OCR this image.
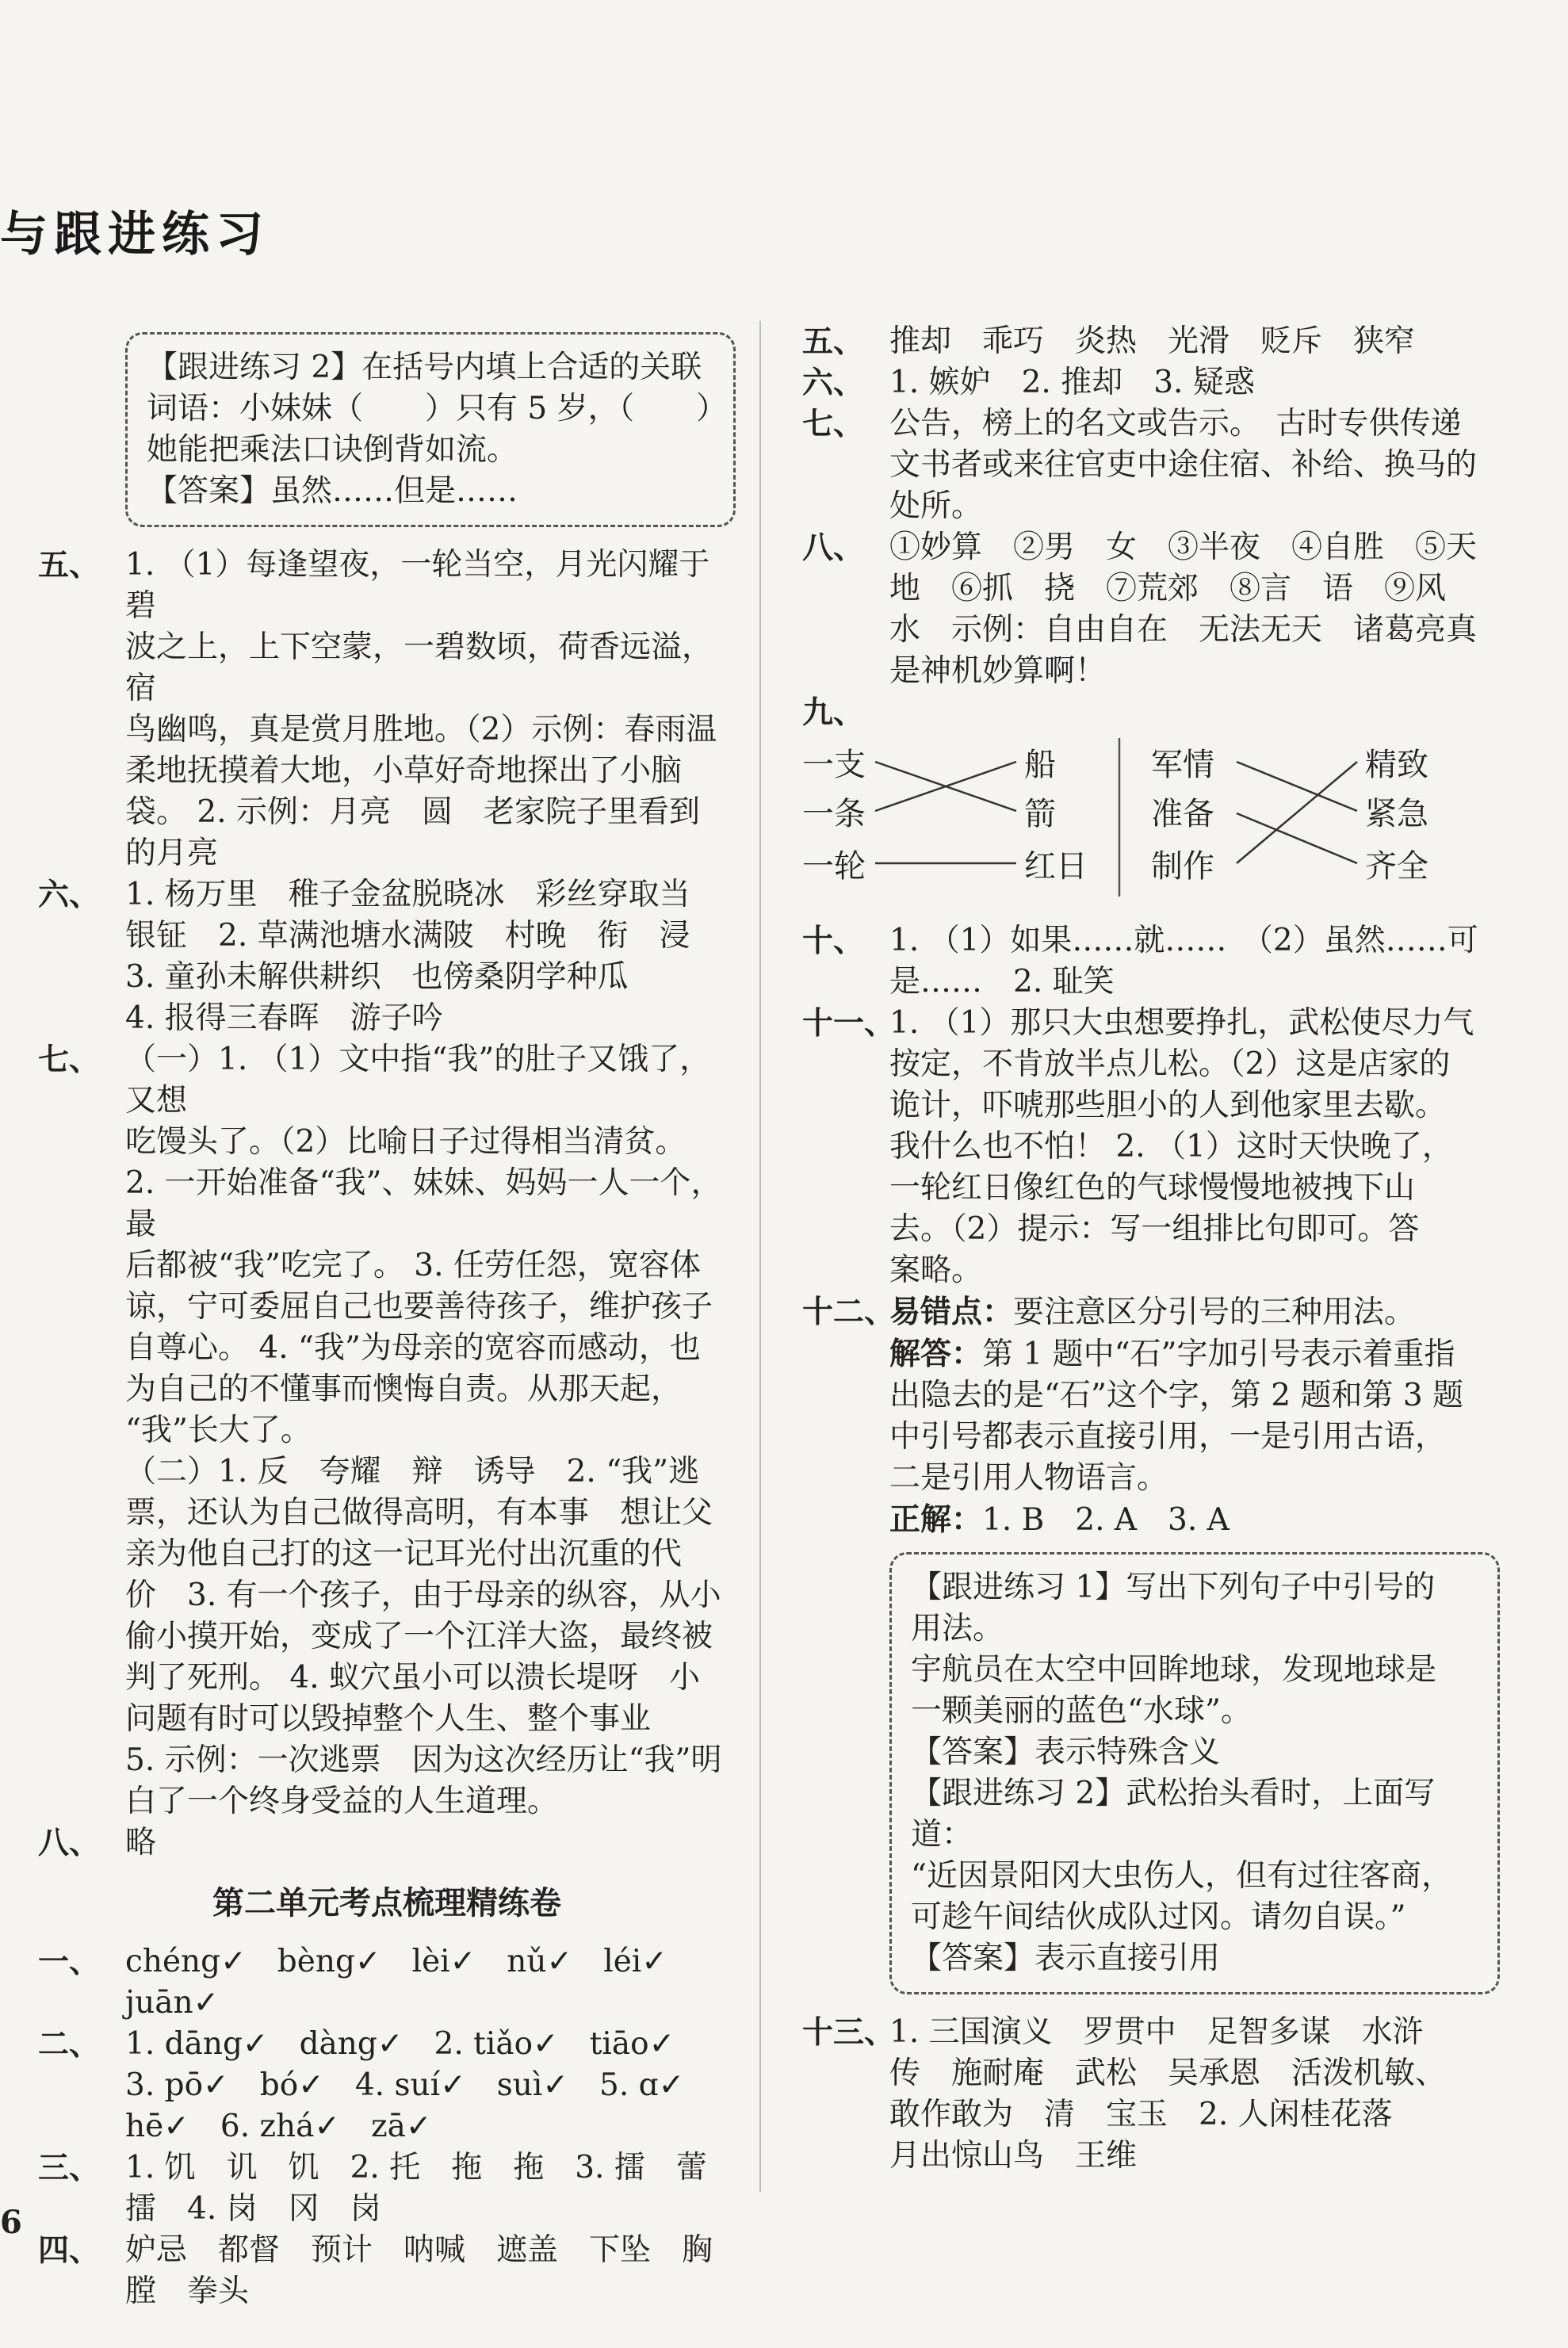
与跟进练习

【跟进练习 2】在括号内填上合适的关联

词语：小妹妹（　　）只有 5 岁，（　　）

她能把乘法口诀倒背如流。

【答案】虽然……但是……

五、 1. （1）每逢望夜，一轮当空，月光闪耀于碧

波之上，上下空蒙，一碧数顷，荷香远溢，宿

鸟幽鸣，真是赏月胜地。（2）示例：春雨温

柔地抚摸着大地，小草好奇地探出了小脑

袋。 2. 示例：月亮　圆　老家院子里看到

的月亮

六、 1. 杨万里　稚子金盆脱晓冰　彩丝穿取当

银钲　2. 草满池塘水满陂　村晚　衔　浸

3. 童孙未解供耕织　也傍桑阴学种瓜

4. 报得三春晖　游子吟

七、 （一）1. （1）文中指“我”的肚子又饿了，又想

吃馒头了。（2）比喻日子过得相当清贫。

2. 一开始准备“我”、妹妹、妈妈一人一个，最

后都被“我”吃完了。 3. 任劳任怨，宽容体

谅，宁可委屈自己也要善待孩子，维护孩子

自尊心。 4. “我”为母亲的宽容而感动，也

为自己的不懂事而懊悔自责。从那天起，

“我”长大了。

（二）1. 反　夸耀　辩　诱导　2. “我”逃

票，还认为自己做得高明，有本事　想让父

亲为他自己打的这一记耳光付出沉重的代

价　3. 有一个孩子，由于母亲的纵容，从小

偷小摸开始，变成了一个江洋大盗，最终被

判了死刑。 4. 蚁穴虽小可以溃长堤呀　小

问题有时可以毁掉整个人生、整个事业

5. 示例：一次逃票　因为这次经历让“我”明

白了一个终身受益的人生道理。

八、 略

第二单元考点梳理精练卷
一、 chéng✓　bèng✓　lèi✓　nǔ✓　léi✓

juān✓

二、 1. dāng✓　dàng✓　2. tiǎo✓　tiāo✓

3. pō✓　bó✓　4. suí✓　suì✓　5. ɑ✓

hē✓　6. zhá✓　zā✓

三、 1. 饥　讥　饥　2. 托　拖　拖　3. 擂　蕾

擂　4. 岗　冈　岗

四、 妒忌　都督　预计　呐喊　遮盖　下坠　胸

膛　拳头

6
五、 推却　乖巧　炎热　光滑　贬斥　狭窄

六、 1. 嫉妒　2. 推却　3. 疑惑

七、 公告，榜上的名文或告示。　古时专供传递

文书者或来往官吏中途住宿、补给、换马的

处所。

八、 ①妙算　②男　女　③半夜　④自胜　⑤天

地　⑥抓　挠　⑦荒郊　⑧言　语　⑨风

水　示例：自由自在　无法无天　诸葛亮真

是神机妙算啊！

九、

一支
一条
一轮
船
箭
红日
军情
准备
制作
精致
紧急
齐全
十、 1. （1）如果……就……　（2）虽然……可

是……　2. 耻笑

十一、

1. （1）那只大虫想要挣扎，武松使尽力气

按定，不肯放半点儿松。（2）这是店家的

诡计，吓唬那些胆小的人到他家里去歇。

我什么也不怕！ 2. （1）这时天快晚了，

一轮红日像红色的气球慢慢地被拽下山

去。（2）提示：写一组排比句即可。答

案略。

十二、

易错点：要注意区分引号的三种用法。

解答：第 1 题中“石”字加引号表示着重指

出隐去的是“石”这个字，第 2 题和第 3 题

中引号都表示直接引用，一是引用古语，

二是引用人物语言。

正解：1. B　2. A　3. A

【跟进练习 1】写出下列句子中引号的

用法。

宇航员在太空中回眸地球，发现地球是

一颗美丽的蓝色“水球”。

【答案】表示特殊含义

【跟进练习 2】武松抬头看时，上面写道：

“近因景阳冈大虫伤人，但有过往客商，

可趁午间结伙成队过冈。请勿自误。”

【答案】表示直接引用

十三、

1. 三国演义　罗贯中　足智多谋　水浒

传　施耐庵　武松　吴承恩　活泼机敏、

敢作敢为　清　宝玉　2. 人闲桂花落

月出惊山鸟　王维
